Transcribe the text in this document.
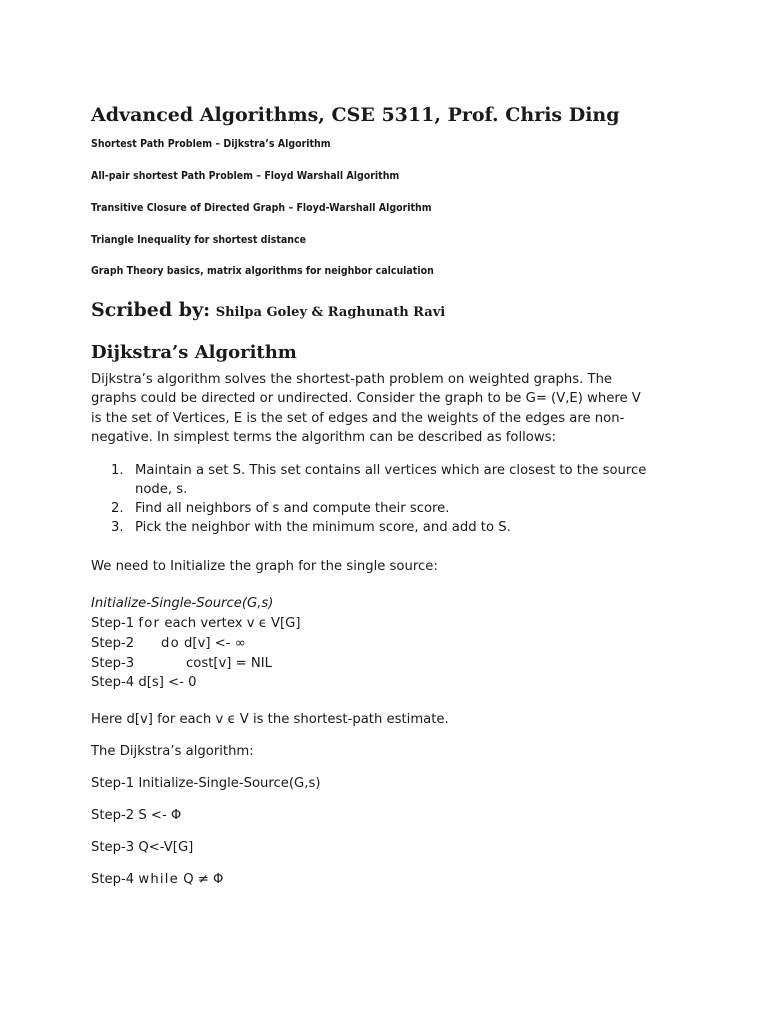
Advanced Algorithms, CSE 5311, Prof. Chris Ding
Shortest Path Problem – Dijkstra’s Algorithm
All-pair shortest Path Problem – Floyd Warshall Algorithm
Transitive Closure of Directed Graph – Floyd-Warshall Algorithm
Triangle Inequality for shortest distance
Graph Theory basics, matrix algorithms for neighbor calculation
Scribed by: Shilpa Goley & Raghunath Ravi
Dijkstra’s Algorithm
Dijkstra’s algorithm solves the shortest-path problem on weighted graphs. The
graphs could be directed or undirected. Consider the graph to be G= (V,E) where V
is the set of Vertices, E is the set of edges and the weights of the edges are non-
negative. In simplest terms the algorithm can be described as follows:
1. Maintain a set S. This set contains all vertices which are closest to the source
node, s.
2. Find all neighbors of s and compute their score.
3. Pick the neighbor with the minimum score, and add to S.
We need to Initialize the graph for the single source:
Initialize-Single-Source(G,s)
Step-1 for each vertex v ϵ V[G]
Step-2 do d[v] <- ∞
Step-3	cost[v] = NIL
Step-4 d[s] <- 0
Here d[v] for each v ϵ V is the shortest-path estimate.
The Dijkstra’s algorithm:
Step-1 Initialize-Single-Source(G,s)
Step-2 S <- Φ
Step-3 Q<-V[G]
Step-4 while Q ≠ Φ
